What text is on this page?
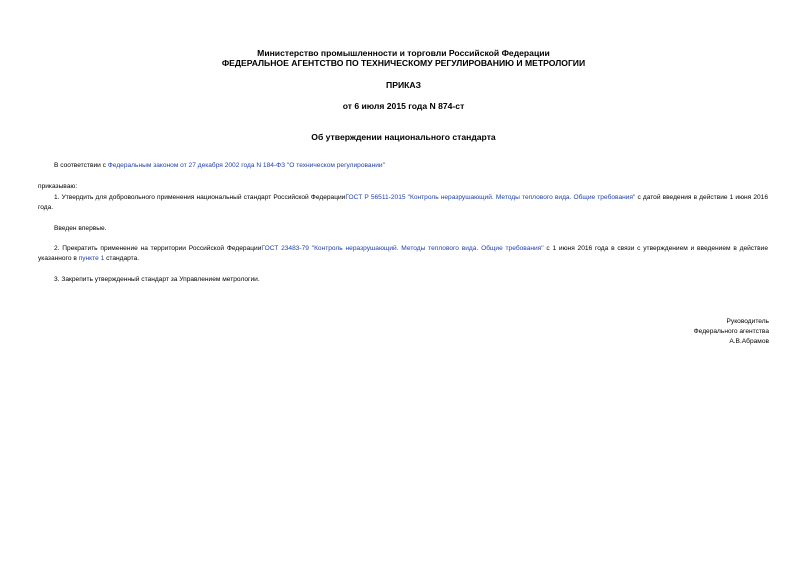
Министерство промышленности и торговли Российской Федерации
ФЕДЕРАЛЬНОЕ АГЕНТСТВО ПО ТЕХНИЧЕСКОМУ РЕГУЛИРОВАНИЮ И МЕТРОЛОГИИ
ПРИКАЗ
от 6 июля 2015 года N 874-ст
Об утверждении национального стандарта
В соответствии с Федеральным законом от 27 декабря 2002 года N 184-ФЗ "О техническом регулировании"
приказываю:
1. Утвердить для добровольного применения национальный стандарт Российской ФедерацииГОСТ Р 56511-2015 "Контроль неразрушающий. Методы теплового вида. Общие требования" с датой введения в действие 1 июня 2016 года.
Введен впервые.
2. Прекратить применение на территории Российской ФедерацииГОСТ 23483-79 "Контроль неразрушающий. Методы теплового вида. Общие требования" с 1 июня 2016 года в связи с утверждением и введением в действие указанного в пункте 1 стандарта.
3. Закрепить утвержденный стандарт за Управлением метрологии.
Руководитель
Федерального агентства
А.В.Абрамов
